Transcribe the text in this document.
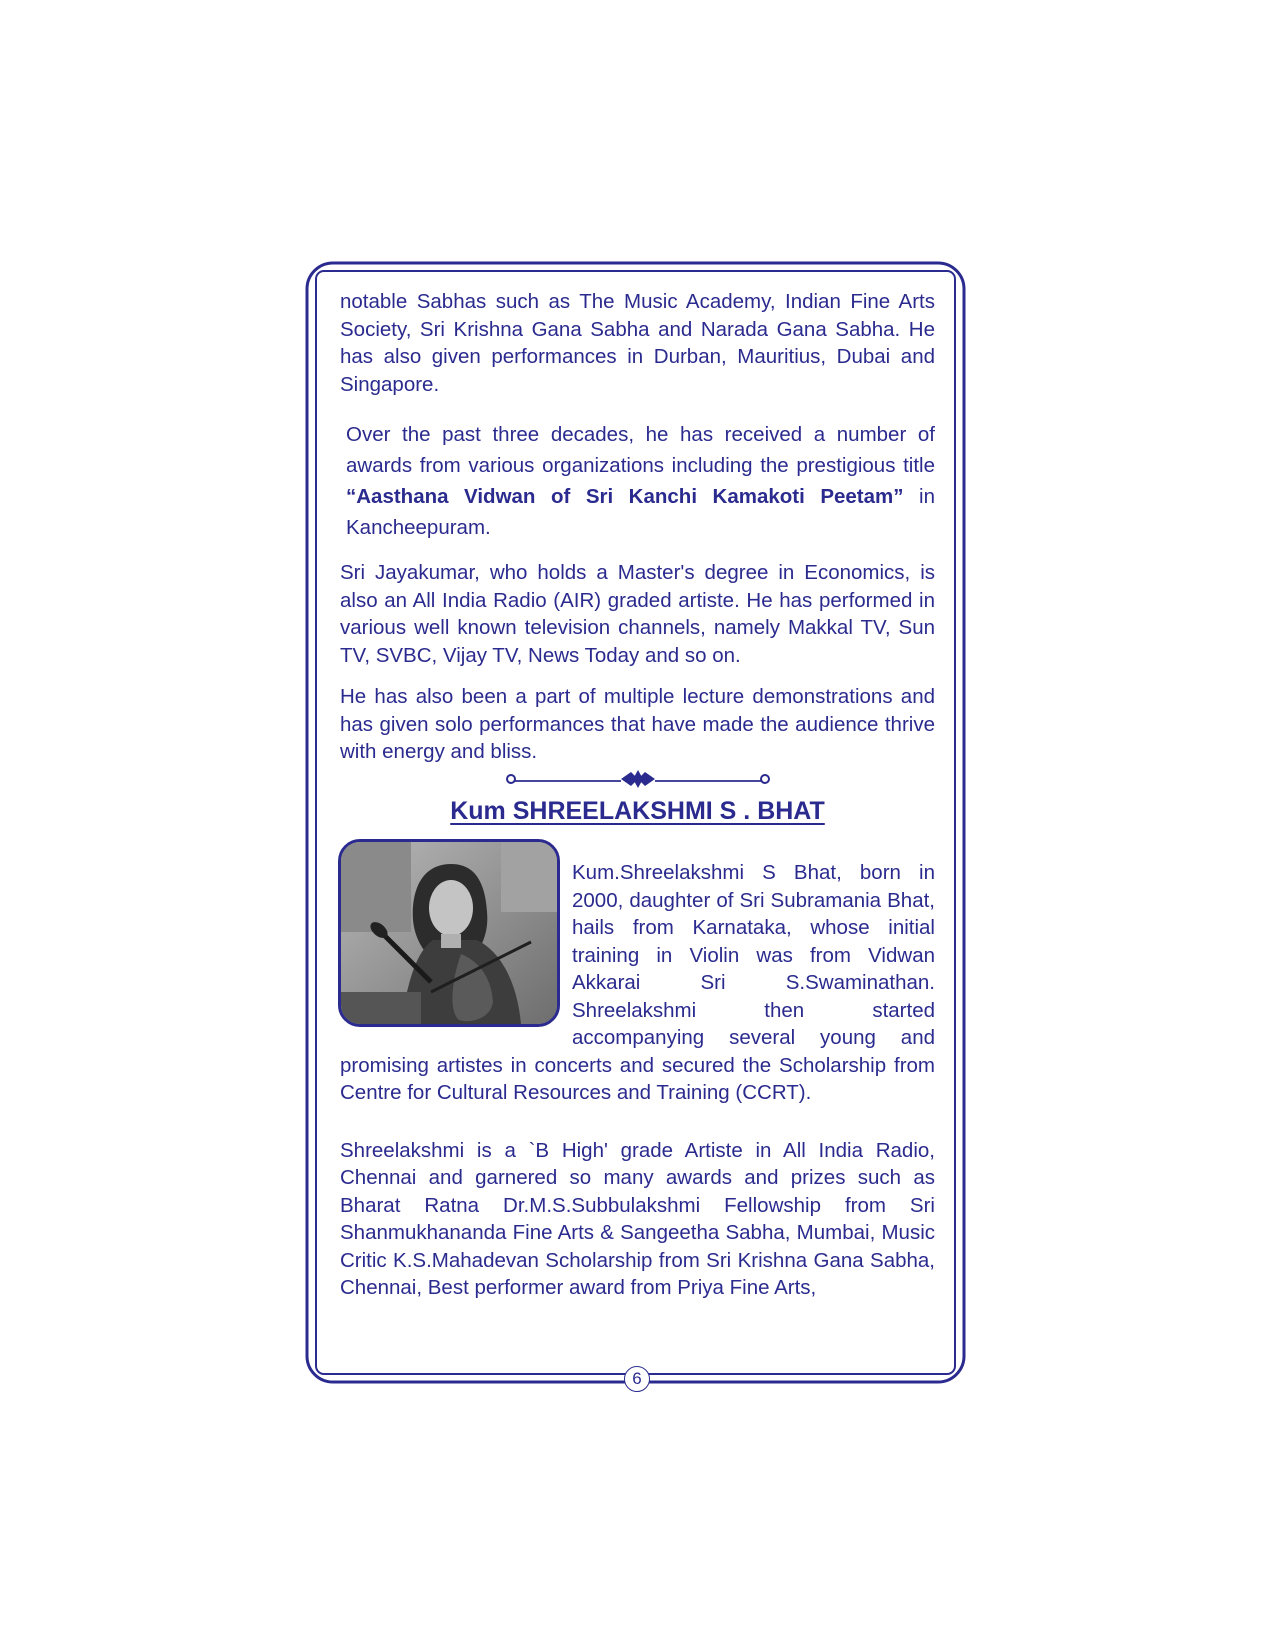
notable Sabhas such as The Music Academy, Indian Fine Arts Society, Sri Krishna Gana Sabha and Narada Gana Sabha. He has also given performances in Durban, Mauritius, Dubai and Singapore.

Over the past three decades, he has received a number of awards from various organizations including the prestigious title “Aasthana Vidwan of Sri Kanchi Kamakoti Peetam” in Kancheepuram.

Sri Jayakumar, who holds a Master's degree in Economics, is also an All India Radio (AIR) graded artiste. He has performed in various well known television channels, namely Makkal TV, Sun TV, SVBC, Vijay TV, News Today and so on.

He has also been a part of multiple lecture demonstrations and has given solo performances that have made the audience thrive with energy and bliss.

Kum SHREELAKSHMI S . BHAT

Kum.Shreelakshmi S Bhat, born in 2000, daughter of Sri Subramania Bhat, hails from Karnataka, whose initial training in Violin was from Vidwan Akkarai Sri S.Swaminathan. Shreelakshmi then started accompanying several young and promising artistes in concerts and secured the Scholarship from Centre for Cultural Resources and Training (CCRT).

Shreelakshmi is a `B High' grade Artiste in All India Radio, Chennai and garnered so many awards and prizes such as Bharat Ratna Dr.M.S.Subbulakshmi Fellowship from Sri Shanmukhananda Fine Arts & Sangeetha Sabha, Mumbai, Music Critic K.S.Mahadevan Scholarship from Sri Krishna Gana Sabha, Chennai, Best performer award from Priya Fine Arts,

6
